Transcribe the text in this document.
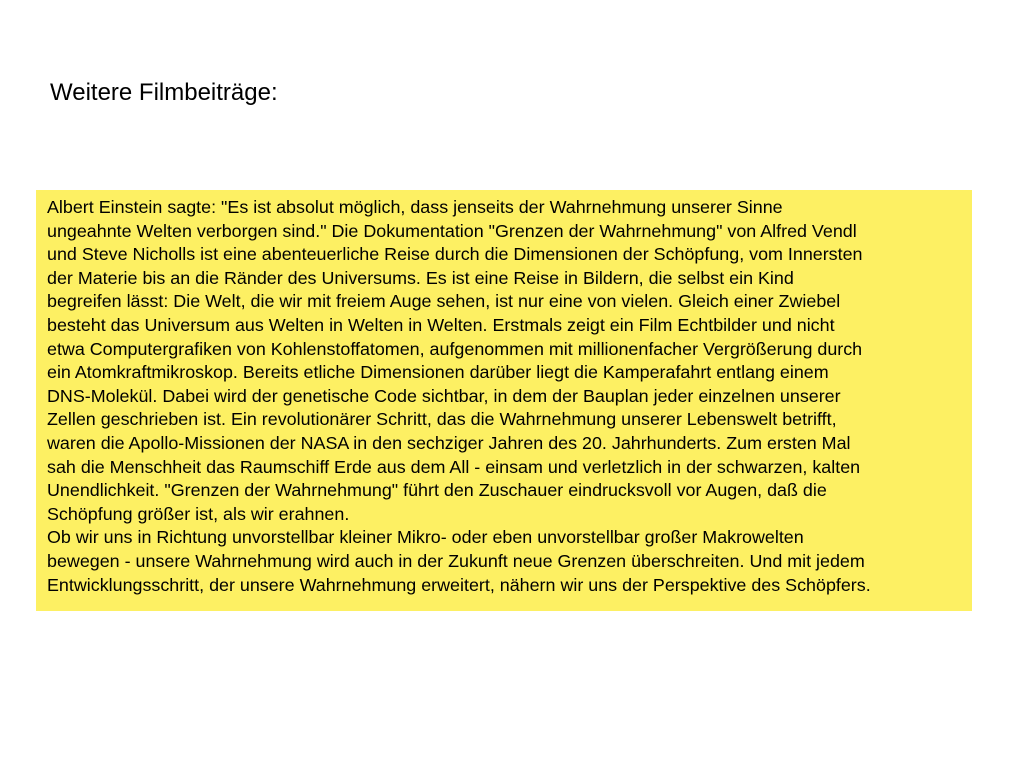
Weitere Filmbeiträge:

Albert Einstein sagte: "Es ist absolut möglich, dass jenseits der Wahrnehmung unserer Sinne

ungeahnte Welten verborgen sind." Die Dokumentation "Grenzen der Wahrnehmung" von Alfred Vendl

und Steve Nicholls ist eine abenteuerliche Reise durch die Dimensionen der Schöpfung, vom Innersten

der Materie bis an die Ränder des Universums. Es ist eine Reise in Bildern, die selbst ein Kind

begreifen lässt: Die Welt, die wir mit freiem Auge sehen, ist nur eine von vielen. Gleich einer Zwiebel

besteht das Universum aus Welten in Welten in Welten. Erstmals zeigt ein Film Echtbilder und nicht

etwa Computergrafiken von Kohlenstoffatomen, aufgenommen mit millionenfacher Vergrößerung durch

ein Atomkraftmikroskop. Bereits etliche Dimensionen darüber liegt die Kamperafahrt entlang einem

DNS-Molekül. Dabei wird der genetische Code sichtbar, in dem der Bauplan jeder einzelnen unserer

Zellen geschrieben ist. Ein revolutionärer Schritt, das die Wahrnehmung unserer Lebenswelt betrifft,

waren die Apollo-Missionen der NASA in den sechziger Jahren des 20. Jahrhunderts. Zum ersten Mal

sah die Menschheit das Raumschiff Erde aus dem All - einsam und verletzlich in der schwarzen, kalten

Unendlichkeit. "Grenzen der Wahrnehmung" führt den Zuschauer eindrucksvoll vor Augen, daß die

Schöpfung größer ist, als wir erahnen.

Ob wir uns in Richtung unvorstellbar kleiner Mikro- oder eben unvorstellbar großer Makrowelten

bewegen - unsere Wahrnehmung wird auch in der Zukunft neue Grenzen überschreiten. Und mit jedem

Entwicklungsschritt, der unsere Wahrnehmung erweitert, nähern wir uns der Perspektive des Schöpfers.
